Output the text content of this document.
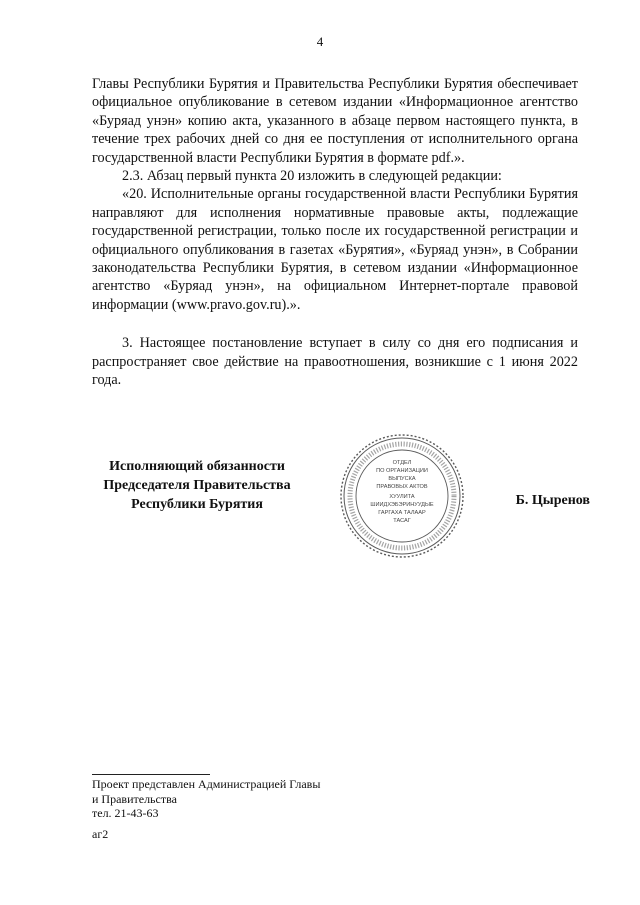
4

Главы Республики Бурятия и Правительства Республики Бурятия обеспечивает официальное опубликование в сетевом издании «Информационное агентство «Буряад унэн» копию акта, указанного в абзаце первом настоящего пункта, в течение трех рабочих дней со дня ее поступления от исполнительного органа государственной власти Республики Бурятия в формате pdf.».

2.3. Абзац первый пункта 20 изложить в следующей редакции:

«20. Исполнительные органы государственной власти Республики Бурятия направляют для исполнения нормативные правовые акты, подлежащие государственной регистрации, только после их государственной регистрации и официального опубликования в газетах «Бурятия», «Буряад унэн», в Собрании законодательства Республики Бурятия, в сетевом издании «Информационное агентство «Буряад унэн», на официальном Интернет-портале правовой информации (www.pravo.gov.ru).».

3. Настоящее постановление вступает в силу со дня его подписания и распространяет свое действие на правоотношения, возникшие с 1 июня 2022 года.

Исполняющий обязанности
Председателя Правительства
Республики Бурятия
ОТДЕЛ
ПО ОРГАНИЗАЦИИ
ВЫПУСКА
ПРАВОВЫХ АКТОВ
ХУУЛИТА
ШИИДХЭБЭРИНУУДЫЕ
ГАРГАХА ТАЛААР
ТАСАГ
Б. Цыренов
Проект представлен Администрацией Главы
и Правительства
тел. 21-43-63
аг2
